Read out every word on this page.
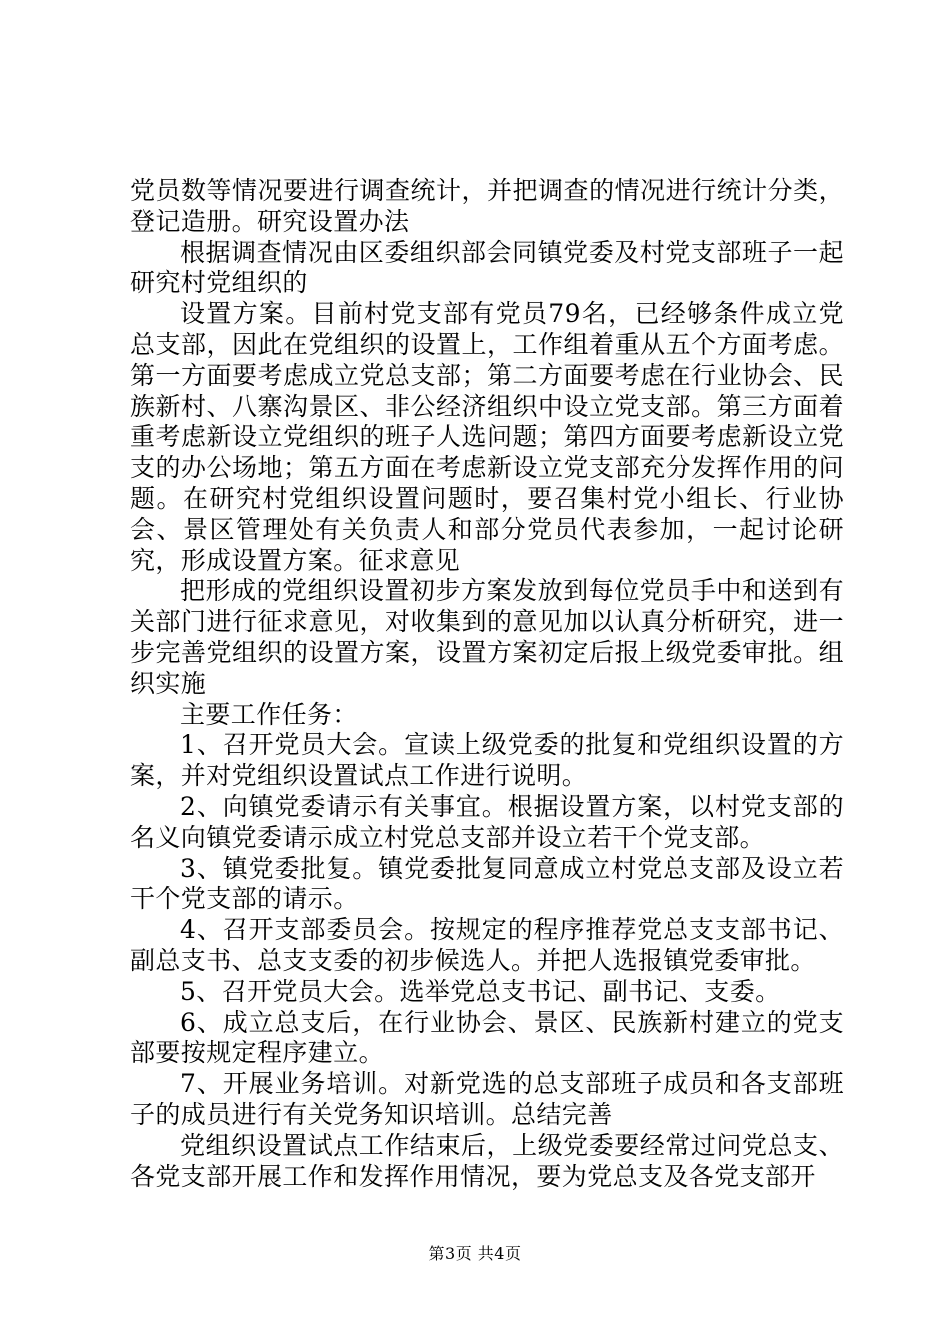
党员数等情况要进行调查统计，并把调查的情况进行统计分类，登记造册。研究设置办法

根据调查情况由区委组织部会同镇党委及村党支部班子一起研究村党组织的

设置方案。目前村党支部有党员79名，已经够条件成立党总支部，因此在党组织的设置上，工作组着重从五个方面考虑。第一方面要考虑成立党总支部；第二方面要考虑在行业协会、民族新村、八寨沟景区、非公经济组织中设立党支部。第三方面着重考虑新设立党组织的班子人选问题；第四方面要考虑新设立党支的办公场地；第五方面在考虑新设立党支部充分发挥作用的问题。在研究村党组织设置问题时，要召集村党小组长、行业协会、景区管理处有关负责人和部分党员代表参加，一起讨论研究，形成设置方案。征求意见

把形成的党组织设置初步方案发放到每位党员手中和送到有关部门进行征求意见，对收集到的意见加以认真分析研究，进一步完善党组织的设置方案，设置方案初定后报上级党委审批。组织实施

主要工作任务：

1、召开党员大会。宣读上级党委的批复和党组织设置的方案，并对党组织设置试点工作进行说明。

2、向镇党委请示有关事宜。根据设置方案，以村党支部的名义向镇党委请示成立村党总支部并设立若干个党支部。

3、镇党委批复。镇党委批复同意成立村党总支部及设立若干个党支部的请示。

4、召开支部委员会。按规定的程序推荐党总支支部书记、副总支书、总支支委的初步候选人。并把人选报镇党委审批。

5、召开党员大会。选举党总支书记、副书记、支委。

6、成立总支后，在行业协会、景区、民族新村建立的党支部要按规定程序建立。

7、开展业务培训。对新党选的总支部班子成员和各支部班子的成员进行有关党务知识培训。总结完善

党组织设置试点工作结束后，上级党委要经常过问党总支、各党支部开展工作和发挥作用情况，要为党总支及各党支部开

第3页 共4页
